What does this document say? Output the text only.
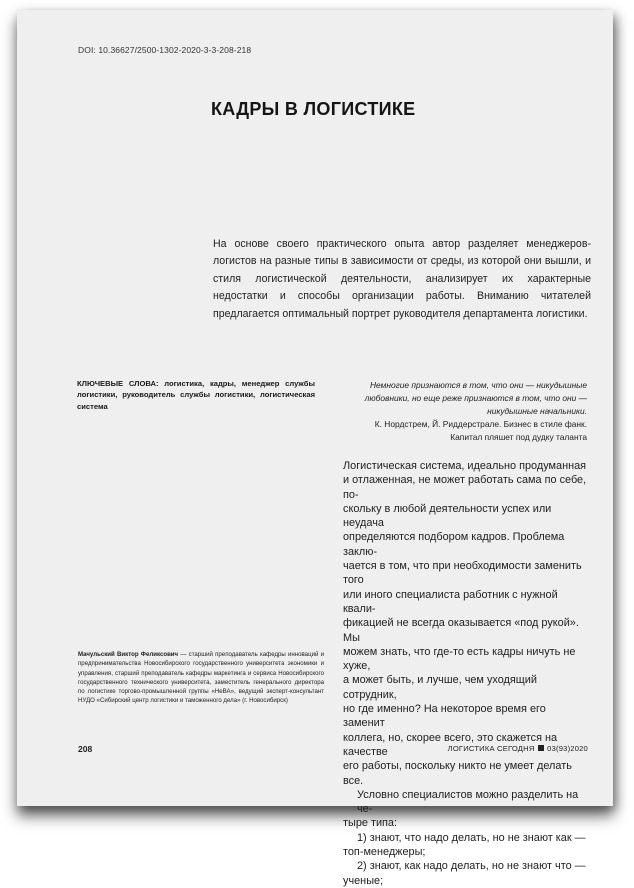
DOI: 10.36627/2500-1302-2020-3-3-208-218
КАДРЫ В ЛОГИСТИКЕ
На основе своего практического опыта автор разделяет менеджеров-логистов на разные типы в зависимости от среды, из которой они вышли, и стиля логистической деятельности, анализирует их характерные недостатки и способы организации работы. Вниманию читателей предлагается оптимальный портрет руководителя департамента логистики.
КЛЮЧЕВЫЕ СЛОВА: логистика, кадры, менеджер службы логистики, руководитель службы логистики, логистическая система
Немногие признаются в том, что они — никудышные
любовники, но еще реже признаются в том, что они —
никудышные начальники.
К. Нордстрем, Й. Риддерстрале. Бизнес в стиле фанк.
Капитал пляшет под дудку таланта
Логистическая система, идеально продуманная
и отлаженная, не может работать сама по себе, по-
скольку в любой деятельности успех или неудача
определяются подбором кадров. Проблема заклю-
чается в том, что при необходимости заменить того
или иного специалиста работник с нужной квали-
фикацией не всегда оказывается «под рукой». Мы
можем знать, что где-то есть кадры ничуть не хуже,
а может быть, и лучше, чем уходящий сотрудник,
но где именно? На некоторое время его заменит
коллега, но, скорее всего, это скажется на качестве
его работы, поскольку никто не умеет делать все.
Условно специалистов можно разделить на че-
тыре типа:
1) знают, что надо делать, но не знают как —
топ-менеджеры;
2) знают, как надо делать, но не знают что —
ученые;
Мачульский Виктор Феликсович — старший преподаватель кафедры инноваций и предпринимательства Новосибирского государственного университета экономики и управления, старший преподаватель кафедры маркетинга и сервиса Новосибирского государственного технического университета, заместитель генерального директора по логистике торгово-промышленной группы «НеВА», ведущий эксперт-консультант НУДО «Сибирский центр логистики и таможенного дела» (г. Новосибирск)
208	ЛОГИСТИКА СЕГОДНЯ 03(93)2020
